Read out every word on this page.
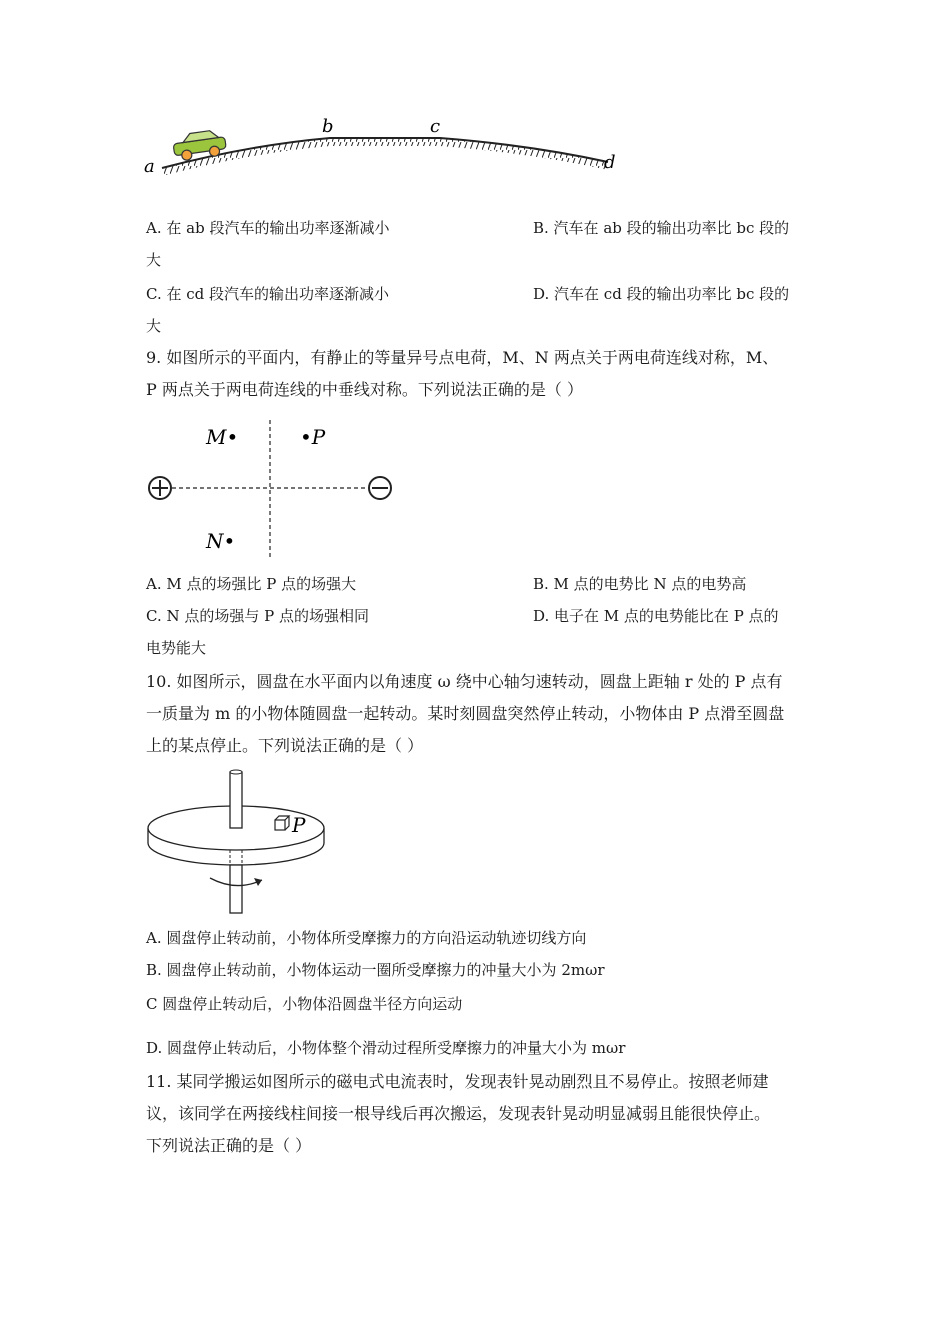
a
b	c
d
A. 在 ab 段汽车的输出功率逐渐减小	B. 汽车在 ab 段的输出功率比 bc 段的
大
C. 在 cd 段汽车的输出功率逐渐减小	D. 汽车在 cd 段的输出功率比 bc 段的
大
9. 如图所示的平面内，有静止的等量异号点电荷，M、N 两点关于两电荷连线对称，M、
P 两点关于两电荷连线的中垂线对称。下列说法正确的是（ ）
M•	•P
N•
A. M 点的场强比 P 点的场强大	B. M 点的电势比 N 点的电势高
C. N 点的场强与 P 点的场强相同	D. 电子在 M 点的电势能比在 P 点的
电势能大
10. 如图所示，圆盘在水平面内以角速度 ω 绕中心轴匀速转动，圆盘上距轴 r 处的 P 点有
一质量为 m 的小物体随圆盘一起转动。某时刻圆盘突然停止转动，小物体由 P 点滑至圆盘
上的某点停止。下列说法正确的是（ ）
P
A. 圆盘停止转动前，小物体所受摩擦力的方向沿运动轨迹切线方向
B. 圆盘停止转动前，小物体运动一圈所受摩擦力的冲量大小为 2mωr
C 圆盘停止转动后，小物体沿圆盘半径方向运动
D. 圆盘停止转动后，小物体整个滑动过程所受摩擦力的冲量大小为 mωr
11. 某同学搬运如图所示的磁电式电流表时，发现表针晃动剧烈且不易停止。按照老师建
议，该同学在两接线柱间接一根导线后再次搬运，发现表针晃动明显减弱且能很快停止。
下列说法正确的是（ ）
